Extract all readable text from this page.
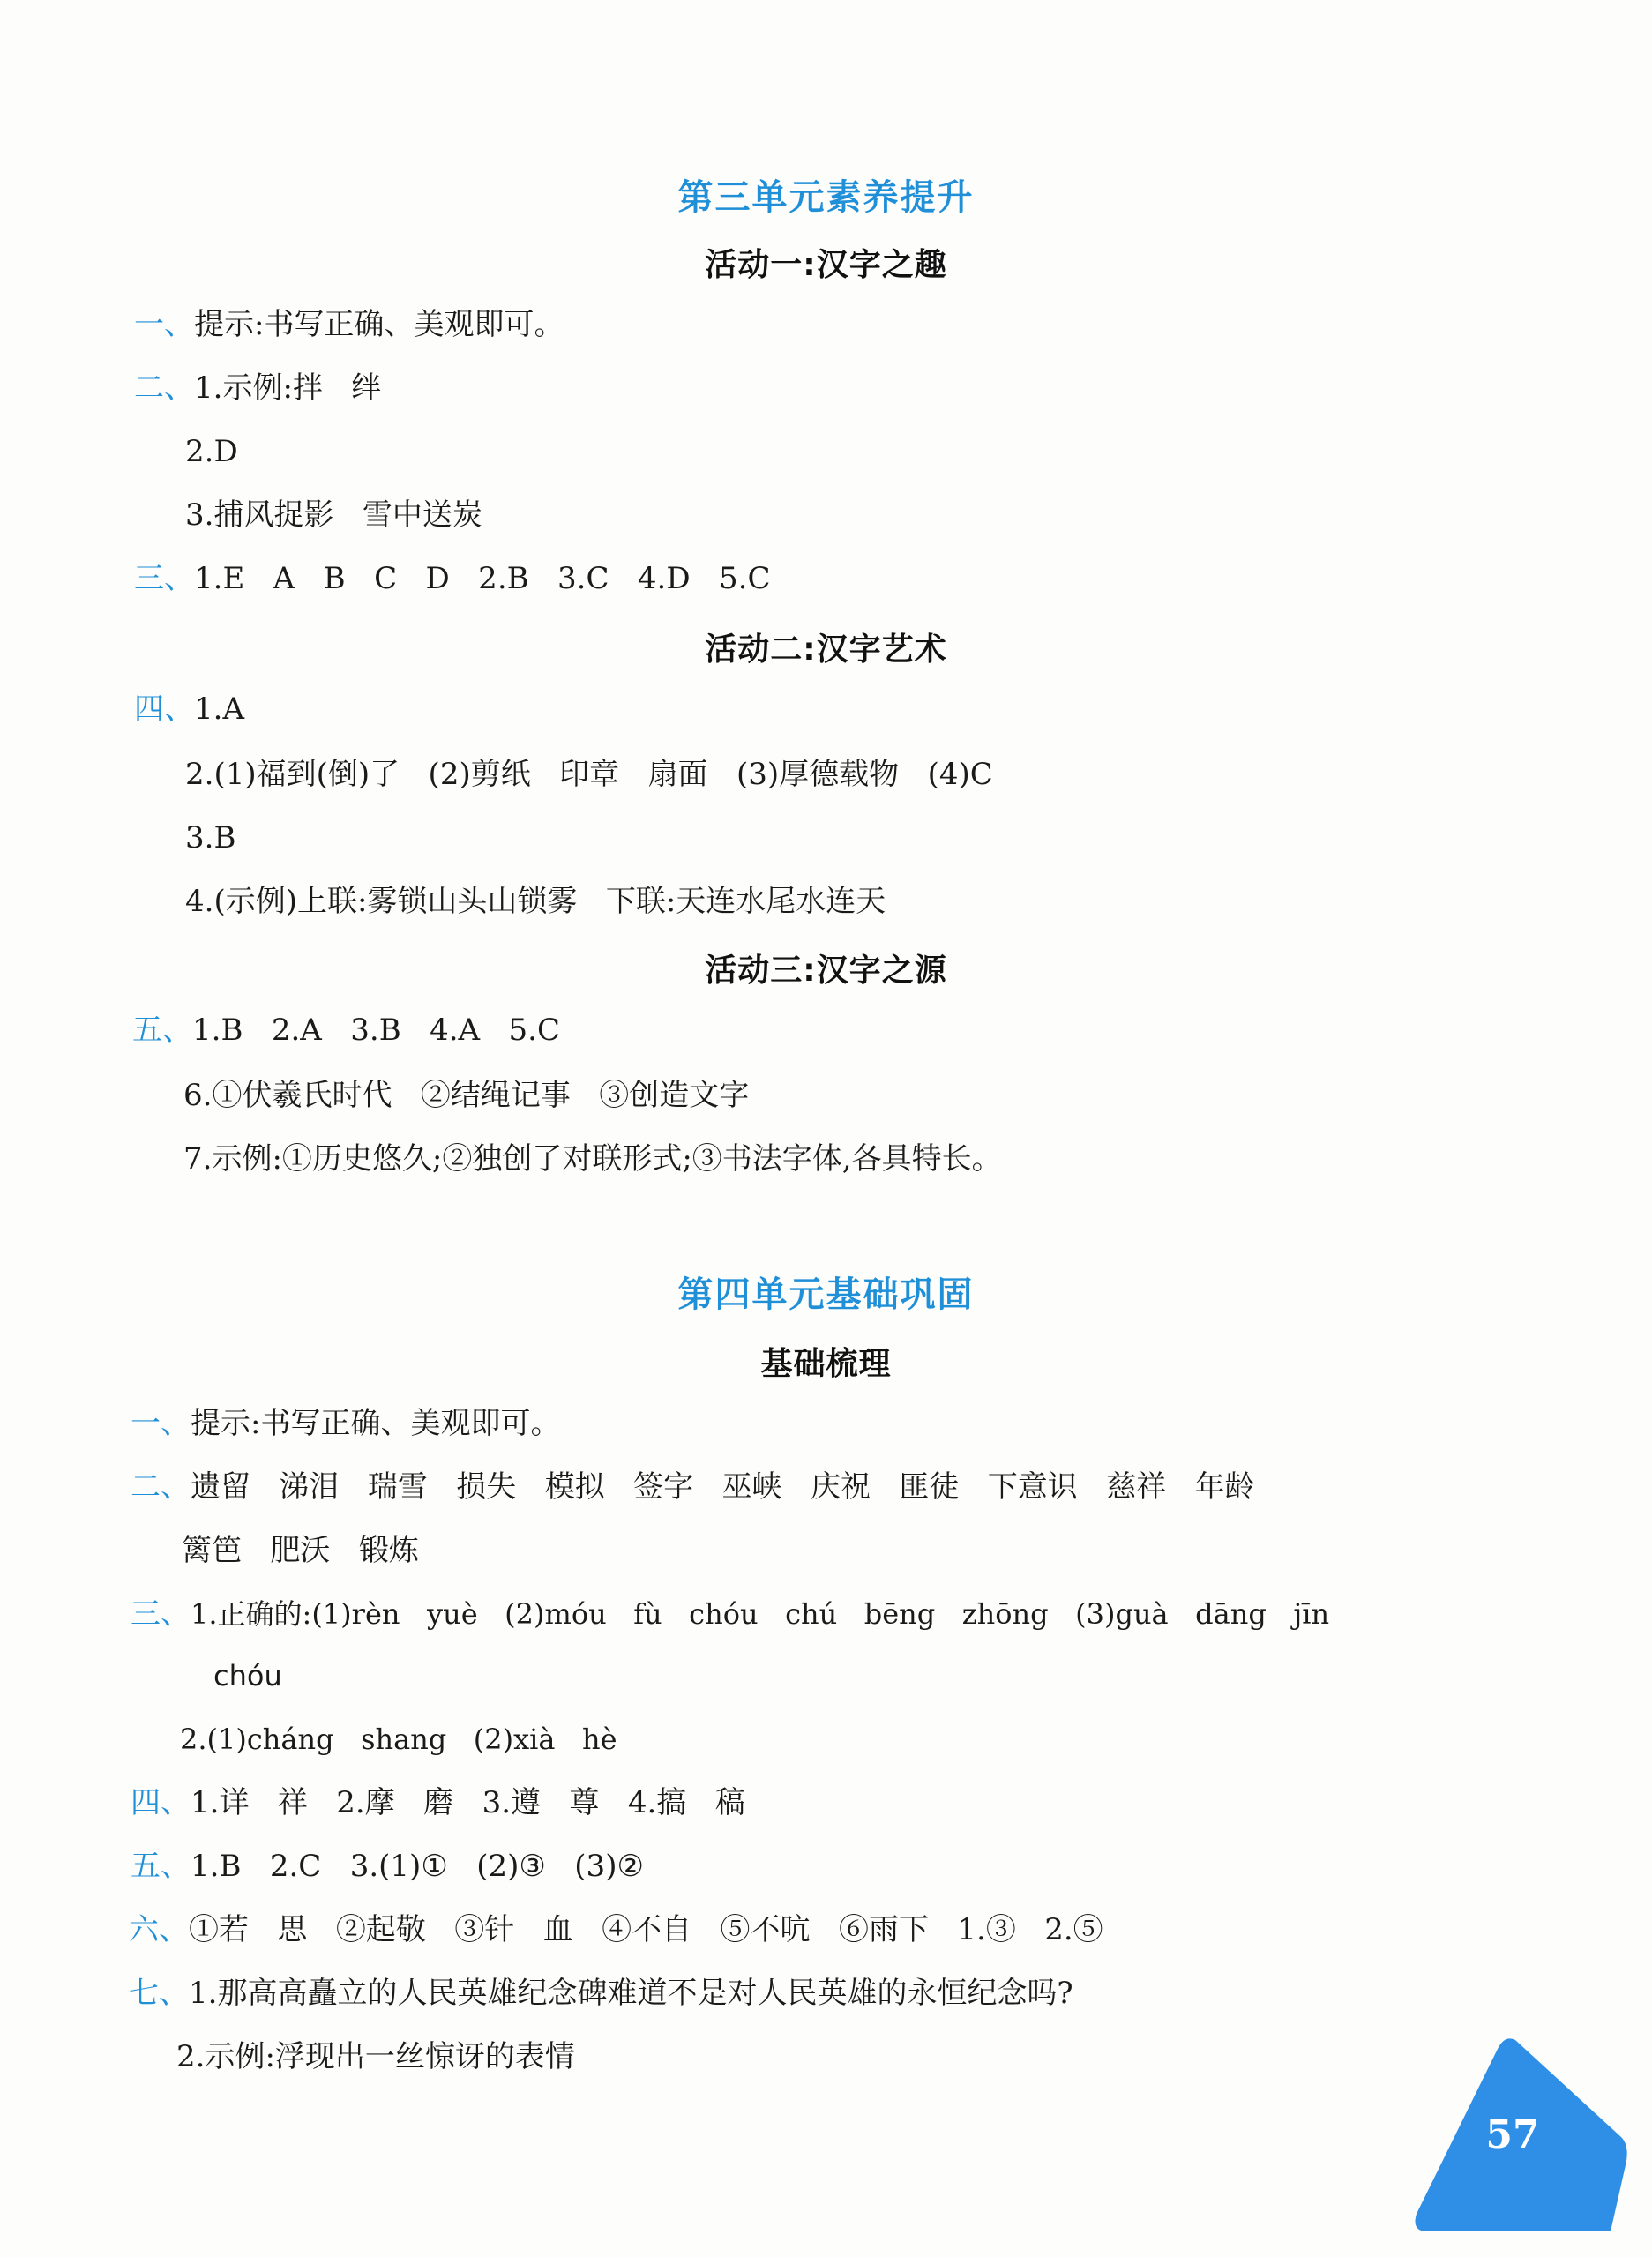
第三单元素养提升
活动一:汉字之趣
一、提示:书写正确、美观即可。
二、1.示例:拌   绊
2.D
3.捕风捉影   雪中送炭
三、1.E   A   B   C   D   2.B   3.C   4.D   5.C
活动二:汉字艺术
四、1.A
2.(1)福到(倒)了   (2)剪纸   印章   扇面   (3)厚德载物   (4)C
3.B
4.(示例)上联:雾锁山头山锁雾   下联:天连水尾水连天
活动三:汉字之源
五、1.B   2.A   3.B   4.A   5.C
6.①伏羲氏时代   ②结绳记事   ③创造文字
7.示例:①历史悠久;②独创了对联形式;③书法字体,各具特长。
第四单元基础巩固
基础梳理
一、提示:书写正确、美观即可。
二、遗留   涕泪   瑞雪   损失   模拟   签字   巫峡   庆祝   匪徒   下意识   慈祥   年龄
篱笆   肥沃   锻炼
三、1.正确的:(1)rèn   yuè   (2)móu   fù   chóu   chú   bēng   zhōng   (3)guà   dāng   jīn
chóu
2.(1)cháng   shang   (2)xià   hè
四、1.详   祥   2.摩   磨   3.遵   尊   4.搞   稿
五、1.B   2.C   3.(1)①   (2)③   (3)②
六、①若   思   ②起敬   ③针   血   ④不自   ⑤不吭   ⑥雨下   1.③   2.⑤
七、1.那高高矗立的人民英雄纪念碑难道不是对人民英雄的永恒纪念吗?
2.示例:浮现出一丝惊讶的表情
57
